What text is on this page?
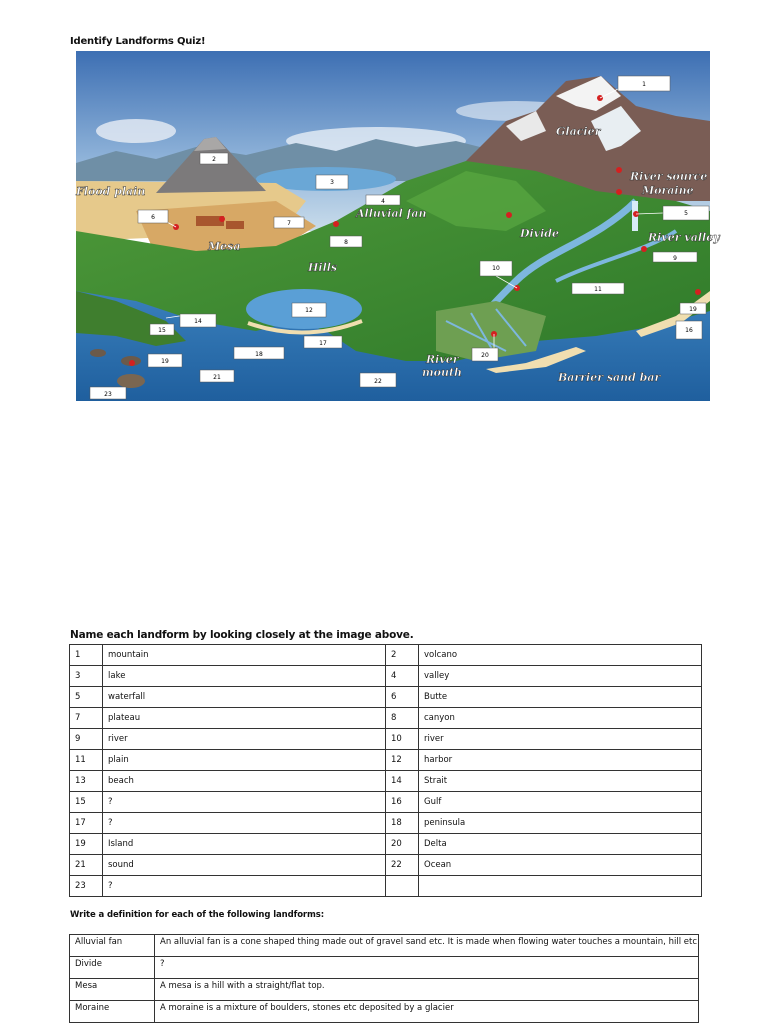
Identify Landforms Quiz!
Flood plain
Mesa
Alluvial fan
Hills
Divide
Glacier
River source
Moraine
River valley
River
mouth	Barrier sand bar
1
2
3
4
5
6
7
8
9
10
11
12	19
14
15	16
17
18
19
20
21
22
23
Name each landform by looking closely at the image above.
1	mountain	2	volcano
3	lake	4	valley
5	waterfall	6	Butte
7	plateau	8	canyon
9	river	10	river
11	plain	12	harbor
13	beach	14	Strait
15	?	16	Gulf
17	?	18	peninsula
19	Island	20	Delta
21	sound	22	Ocean
23	?		
Write a definition for each of the following landforms:
Alluvial fan	An alluvial fan is a cone shaped thing made out of gravel sand etc. It is made when flowing water touches a mountain, hill etc
Divide	?
Mesa	A mesa is a hill with a straight/flat top.
Moraine	A moraine is a mixture of boulders, stones etc deposited by a glacier
